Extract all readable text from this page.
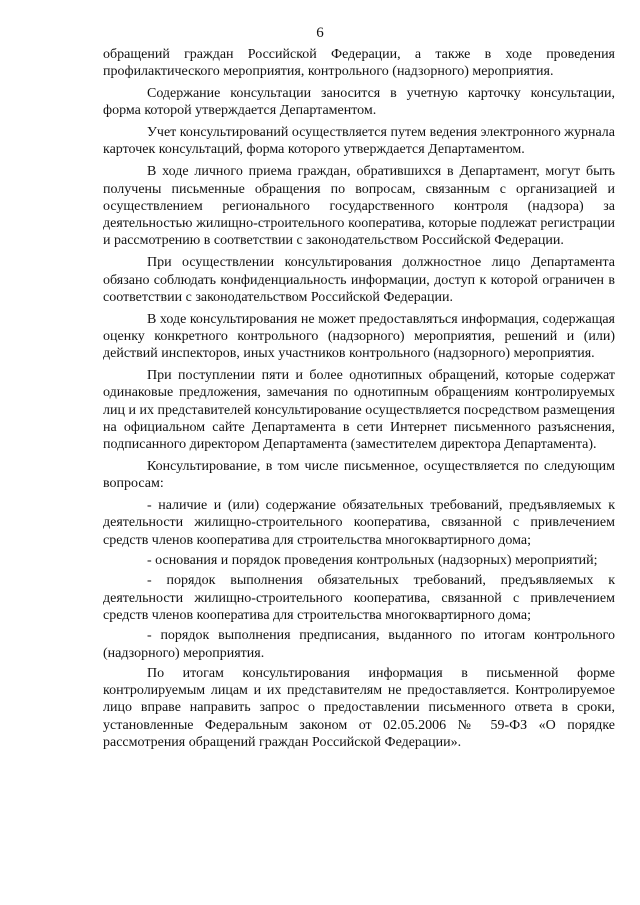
6

обращений граждан Российской Федерации, а также в ходе проведения профилактического мероприятия, контрольного (надзорного) мероприятия.

Содержание консультации заносится в учетную карточку консультации, форма которой утверждается Департаментом.

Учет консультирований осуществляется путем ведения электронного журнала карточек консультаций, форма которого утверждается Департаментом.

В ходе личного приема граждан, обратившихся в Департамент, могут быть получены письменные обращения по вопросам, связанным с организацией и осуществлением регионального государственного контроля (надзора) за деятельностью жилищно-строительного кооператива, которые подлежат регистрации и рассмотрению в соответствии с законодательством Российской Федерации.

При осуществлении консультирования должностное лицо Департамента обязано соблюдать конфиденциальность информации, доступ к которой ограничен в соответствии с законодательством Российской Федерации.

В ходе консультирования не может предоставляться информация, содержащая оценку конкретного контрольного (надзорного) мероприятия, решений и (или) действий инспекторов, иных участников контрольного (надзорного) мероприятия.

При поступлении пяти и более однотипных обращений, которые содержат одинаковые предложения, замечания по однотипным обращениям контролируемых лиц и их представителей консультирование осуществляется посредством размещения на официальном сайте Департамента в сети Интернет письменного разъяснения, подписанного директором Департамента (заместителем директора Департамента).

Консультирование, в том числе письменное, осуществляется по следующим вопросам:

- наличие и (или) содержание обязательных требований, предъявляемых к деятельности жилищно-строительного кооператива, связанной с привлечением средств членов кооператива для строительства многоквартирного дома;

- основания и порядок проведения контрольных (надзорных) мероприятий;

- порядок выполнения обязательных требований, предъявляемых к деятельности жилищно-строительного кооператива, связанной с привлечением средств членов кооператива для строительства многоквартирного дома;

- порядок выполнения предписания, выданного по итогам контрольного (надзорного) мероприятия.

По итогам консультирования информация в письменной форме контролируемым лицам и их представителям не предоставляется. Контролируемое лицо вправе направить запрос о предоставлении письменного ответа в сроки, установленные Федеральным законом от 02.05.2006 № 59-ФЗ «О порядке рассмотрения обращений граждан Российской Федерации».
